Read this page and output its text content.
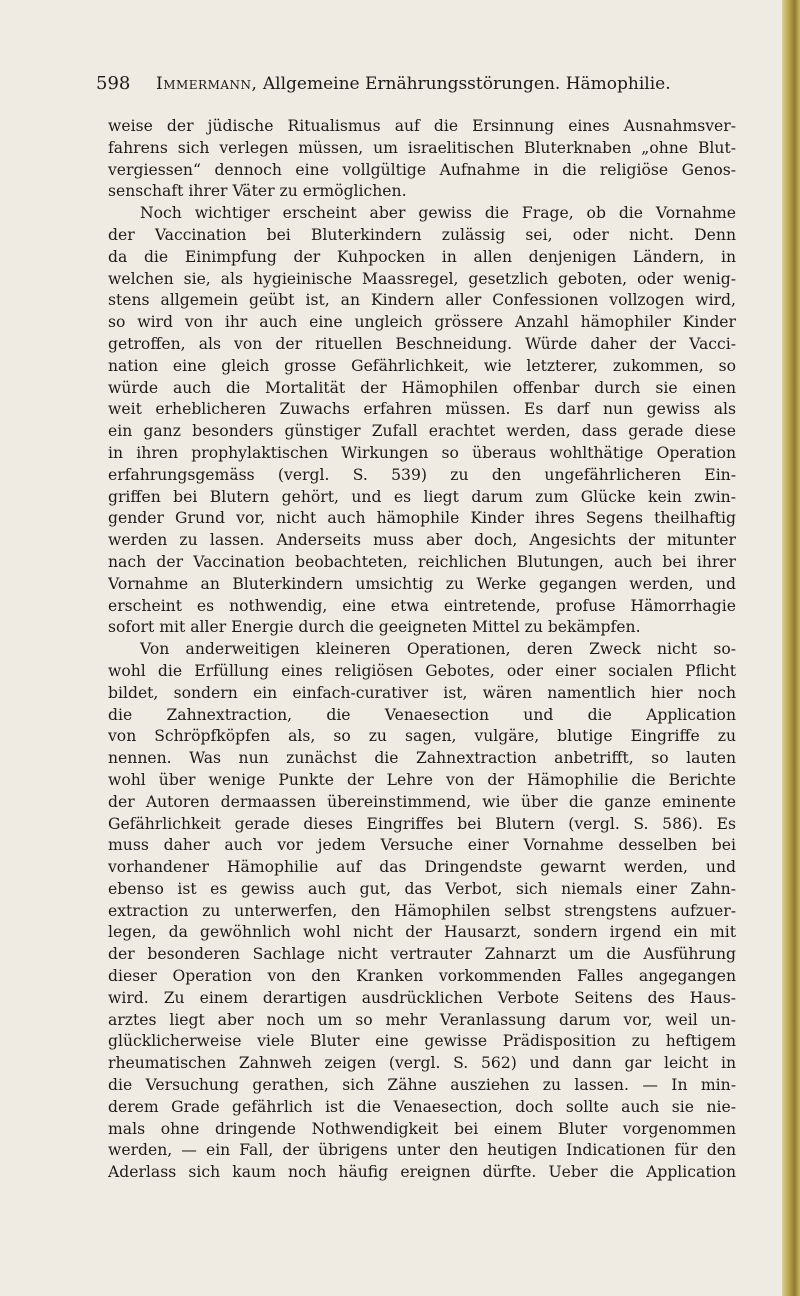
598 Immermann, Allgemeine Ernährungsstörungen. Hämophilie.
weise der jüdische Ritualismus auf die Ersinnung eines Ausnahmsver-
fahrens sich verlegen müssen, um israelitischen Bluterknaben „ohne Blut-
vergiessen“ dennoch eine vollgültige Aufnahme in die religiöse Genos-
senschaft ihrer Väter zu ermöglichen.
Noch wichtiger erscheint aber gewiss die Frage, ob die Vornahme
der Vaccination bei Bluterkindern zulässig sei, oder nicht. Denn
da die Einimpfung der Kuhpocken in allen denjenigen Ländern, in
welchen sie, als hygieinische Maassregel, gesetzlich geboten, oder wenig-
stens allgemein geübt ist, an Kindern aller Confessionen vollzogen wird,
so wird von ihr auch eine ungleich grössere Anzahl hämophiler Kinder
getroffen, als von der rituellen Beschneidung. Würde daher der Vacci-
nation eine gleich grosse Gefährlichkeit, wie letzterer, zukommen, so
würde auch die Mortalität der Hämophilen offenbar durch sie einen
weit erheblicheren Zuwachs erfahren müssen. Es darf nun gewiss als
ein ganz besonders günstiger Zufall erachtet werden, dass gerade diese
in ihren prophylaktischen Wirkungen so überaus wohlthätige Operation
erfahrungsgemäss (vergl. S. 539) zu den ungefährlicheren Ein-
griffen bei Blutern gehört, und es liegt darum zum Glücke kein zwin-
gender Grund vor, nicht auch hämophile Kinder ihres Segens theilhaftig
werden zu lassen. Anderseits muss aber doch, Angesichts der mitunter
nach der Vaccination beobachteten, reichlichen Blutungen, auch bei ihrer
Vornahme an Bluterkindern umsichtig zu Werke gegangen werden, und
erscheint es nothwendig, eine etwa eintretende, profuse Hämorrhagie
sofort mit aller Energie durch die geeigneten Mittel zu bekämpfen.
Von anderweitigen kleineren Operationen, deren Zweck nicht so-
wohl die Erfüllung eines religiösen Gebotes, oder einer socialen Pflicht
bildet, sondern ein einfach-curativer ist, wären namentlich hier noch
die Zahnextraction, die Venaesection und die Application
von Schröpfköpfen als, so zu sagen, vulgäre, blutige Eingriffe zu
nennen. Was nun zunächst die Zahnextraction anbetrifft, so lauten
wohl über wenige Punkte der Lehre von der Hämophilie die Berichte
der Autoren dermaassen übereinstimmend, wie über die ganze eminente
Gefährlichkeit gerade dieses Eingriffes bei Blutern (vergl. S. 586). Es
muss daher auch vor jedem Versuche einer Vornahme desselben bei
vorhandener Hämophilie auf das Dringendste gewarnt werden, und
ebenso ist es gewiss auch gut, das Verbot, sich niemals einer Zahn-
extraction zu unterwerfen, den Hämophilen selbst strengstens aufzuer-
legen, da gewöhnlich wohl nicht der Hausarzt, sondern irgend ein mit
der besonderen Sachlage nicht vertrauter Zahnarzt um die Ausführung
dieser Operation von den Kranken vorkommenden Falles angegangen
wird. Zu einem derartigen ausdrücklichen Verbote Seitens des Haus-
arztes liegt aber noch um so mehr Veranlassung darum vor, weil un-
glücklicherweise viele Bluter eine gewisse Prädisposition zu heftigem
rheumatischen Zahnweh zeigen (vergl. S. 562) und dann gar leicht in
die Versuchung gerathen, sich Zähne ausziehen zu lassen. — In min-
derem Grade gefährlich ist die Venaesection, doch sollte auch sie nie-
mals ohne dringende Nothwendigkeit bei einem Bluter vorgenommen
werden, — ein Fall, der übrigens unter den heutigen Indicationen für den
Aderlass sich kaum noch häufig ereignen dürfte. Ueber die Application
